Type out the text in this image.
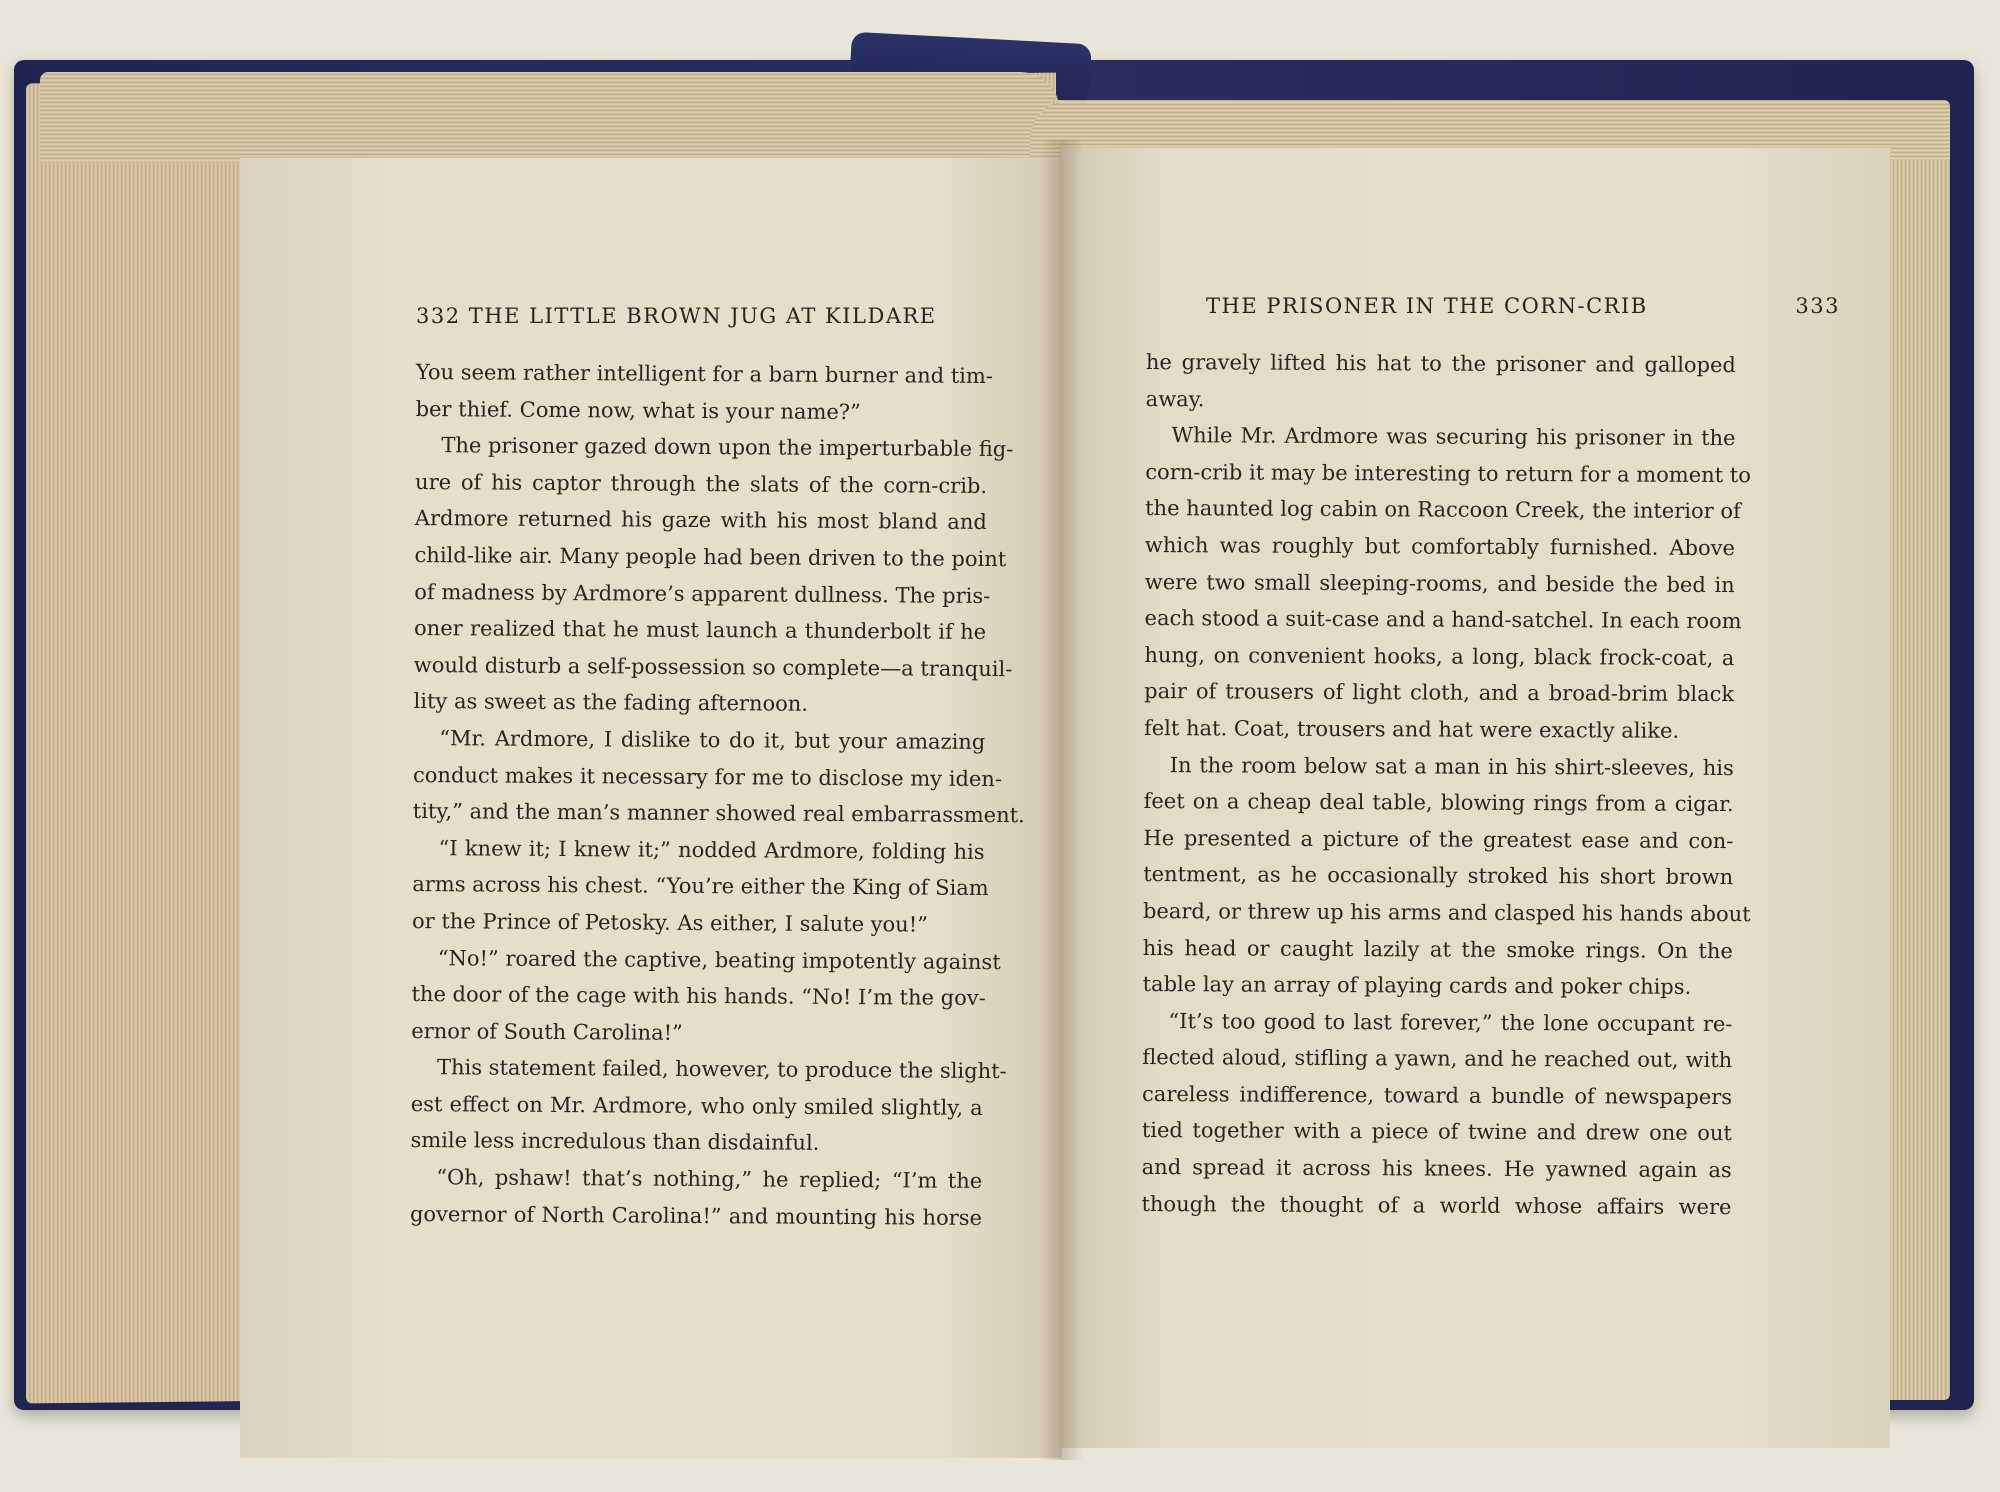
332 THE LITTLE BROWN JUG AT KILDARE
You seem rather intelligent for a barn burner and tim-
ber thief. Come now, what is your name?”
The prisoner gazed down upon the imperturbable fig-
ure of his captor through the slats of the corn-crib.
Ardmore returned his gaze with his most bland and
child-like air. Many people had been driven to the point
of madness by Ardmore’s apparent dullness. The pris-
oner realized that he must launch a thunderbolt if he
would disturb a self-possession so complete—a tranquil-
lity as sweet as the fading afternoon.
“Mr. Ardmore, I dislike to do it, but your amazing
conduct makes it necessary for me to disclose my iden-
tity,” and the man’s manner showed real embarrassment.
“I knew it; I knew it;” nodded Ardmore, folding his
arms across his chest. “You’re either the King of Siam
or the Prince of Petosky. As either, I salute you!”
“No!” roared the captive, beating impotently against
the door of the cage with his hands. “No! I’m the gov-
ernor of South Carolina!”
This statement failed, however, to produce the slight-
est effect on Mr. Ardmore, who only smiled slightly, a
smile less incredulous than disdainful.
“Oh, pshaw! that’s nothing,” he replied; “I’m the
governor of North Carolina!” and mounting his horse
THE PRISONER IN THE CORN-CRIB	333
he gravely lifted his hat to the prisoner and galloped
away.
While Mr. Ardmore was securing his prisoner in the
corn-crib it may be interesting to return for a moment to
the haunted log cabin on Raccoon Creek, the interior of
which was roughly but comfortably furnished. Above
were two small sleeping-rooms, and beside the bed in
each stood a suit-case and a hand-satchel. In each room
hung, on convenient hooks, a long, black frock-coat, a
pair of trousers of light cloth, and a broad-brim black
felt hat. Coat, trousers and hat were exactly alike.
In the room below sat a man in his shirt-sleeves, his
feet on a cheap deal table, blowing rings from a cigar.
He presented a picture of the greatest ease and con-
tentment, as he occasionally stroked his short brown
beard, or threw up his arms and clasped his hands about
his head or caught lazily at the smoke rings. On the
table lay an array of playing cards and poker chips.
“It’s too good to last forever,” the lone occupant re-
flected aloud, stifling a yawn, and he reached out, with
careless indifference, toward a bundle of newspapers
tied together with a piece of twine and drew one out
and spread it across his knees. He yawned again as
though the thought of a world whose affairs were
